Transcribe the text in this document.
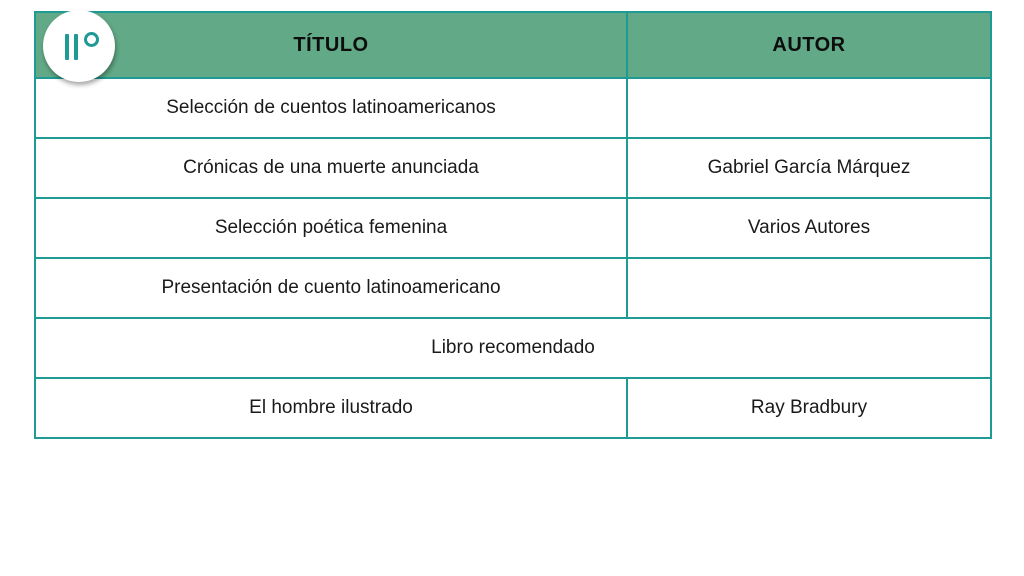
TÍTULO	AUTOR
Selección de cuentos latinoamericanos	
Crónicas de una muerte anunciada	Gabriel García Márquez
Selección poética femenina	Varios Autores
Presentación de cuento latinoamericano	
Libro recomendado	
El hombre ilustrado	Ray Bradbury
